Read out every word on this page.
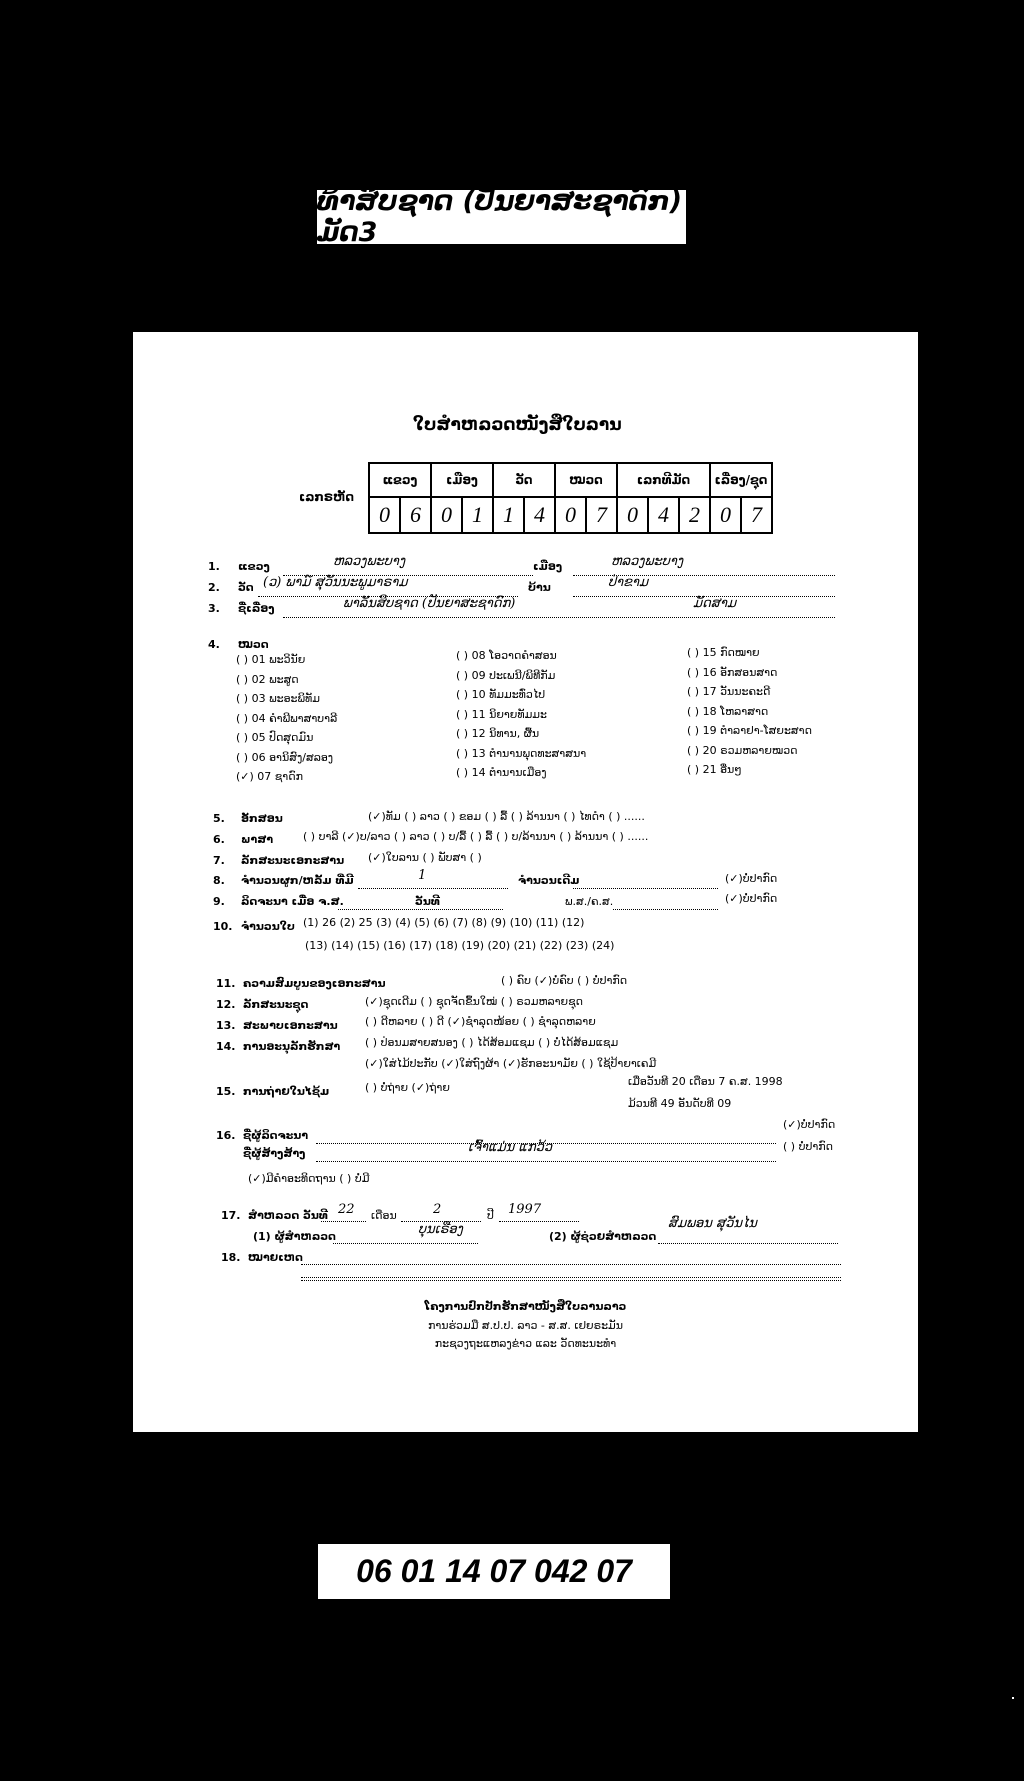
ທ້າສິບຊາດ (ປັນຍາສະຊາດົກ) ມັດ3
ໃບສໍາຫລວດໜັງສືໃບລານ
ເລກຣຫັດ
ແຂວງ		ເມືອງ		ວັດ		ໝວດ		ເລກທີມັດ			ເລື່ອງ/ຊຸດ	
0	6	0	1	1	4	0	7	0	4	2	0	7
1. ແຂວງ	ຫລວງພະບາງ	ເມືອງ	ຫລວງພະບາງ
2. ວັດ (ວ) ພາມ໌ ສຸວັນນະພູມາຣາມ	ບ້ານ	ປ່າຂາມ
3. ຊື່ເລື່ອງ	ພາລັນສິບຊາດ (ປັນຍາສະຊາດົກ)	ມັດສາມ
4. ໝວດ
( ) 01 ພະວິນັຍ
( ) 02 ພະສູດ
( ) 03 ພະອະພິທັມ
( ) 04 ຄຳພີພາສາບາລີ
( ) 05 ປົດສຸດມົນ
( ) 06 ອານິສົງ/ສລອງ
(✓) 07 ຊາດົກ
( ) 08 ໂອວາດຄຳສອນ
( ) 09 ປະເພນີ/ພິທີກັມ
( ) 10 ທັມມະທົ່ວໄປ
( ) 11 ນິຍາຍທັມມະ
( ) 12 ນິທານ, ຜື້ນ
( ) 13 ຕຳນານພຸດທະສາສນາ
( ) 14 ຕຳນານເມືອງ
( ) 15 ກົດໝາຍ
( ) 16 ອັກສອນສາດ
( ) 17 ວັນນະຄະດີ
( ) 18 ໂຫລາສາດ
( ) 19 ຕຳລາຢາ-ໂສຍະສາດ
( ) 20 ຣວມຫລາຍໝວດ
( ) 21 ອື່ນໆ
5. ອັກສອນ	(✓)ທັມ ( ) ລາວ ( ) ຂອມ ( ) ລື້ ( ) ລ້ານນາ ( ) ໄທດໍາ ( ) ......
6. ພາສາ	( ) ບາລີ (✓)ບ/ລາວ ( ) ລາວ ( ) ບ/ລື້ ( ) ລື້ ( ) ບ/ລ້ານນາ ( ) ລ້ານນາ ( ) ......
7. ລັກສະນະເອກະສານ (✓)ໃບລານ ( ) ພັບສາ ( )
8. ຈຳນວນຜູກ/ຫລັ້ມ ທີ່ມີ	1	ຈຳນວນເດີມ	(✓)ບໍ່ປາກົດ
9. ລິດຈະນາ ເມື່ອ ຈ.ສ.	ພ.ສ./ຄ.ສ.
ວັນທີ	(✓)ບໍ່ປາກົດ
10. ຈຳນວນໃບ (1) 26 (2) 25 (3) (4) (5) (6) (7) (8) (9) (10) (11) (12)
(13) (14) (15) (16) (17) (18) (19) (20) (21) (22) (23) (24)
11. ຄວາມສົມບູນຂອງເອກະສານ	( ) ຄົບ (✓)ບໍ່ຄົບ ( ) ບໍ່ປາກົດ
12. ລັກສະນະຊຸດ	(✓)ຊຸດເດີມ ( ) ຊຸດຈັດຂຶ້ນໃໝ່ ( ) ຣວມຫລາຍຊຸດ
13. ສະພາບເອກະສານ ( ) ດີຫລາຍ ( ) ດີ (✓)ຊຳລຸດໜ້ອຍ ( ) ຊຳລຸດຫລາຍ
14. ການອະນຸລັກຮັກສາ ( ) ປ່ອນມສາຍສນອງ ( ) ໄດ້ສ້ອມແຊມ ( ) ບໍ່ໄດ້ສ້ອມແຊມ
(✓)ໃສ່ໄມ້ປະກັບ (✓)ໃສ່ຖົງຜ້າ (✓)ຮັກອະນາມັຍ ( ) ໃຊ້ປ້າຍາເຄມີ
15. ການຖ່າຍໃນໄຊ້ມ	( ) ບໍ່ຖ່າຍ (✓)ຖ່າຍ	ເມື່ອວັນທີ 20 ເດືອນ 7 ຄ.ສ. 1998
ມ້ວນທີ 49 ອັນດັບທີ 09
16. ຊື່ຜູ້ລິດຈະນາ
(✓)ບໍ່ປາກົດ
ຊື່ຜູ້ສ້າງສ້າງ	ເຈົ້າແມ່ນ ແກວ້ວ	( ) ບໍ່ປາກົດ
(✓)ມີຄໍາອະທິດຖານ ( ) ບໍ່ມີ
17. ສໍາຫລວດ ວັນທີ 22 ເດືອນ	2	ປີ 1997
(1) ຜູ້ສໍາຫລວດ	ບຸນເຣືອງ	(2) ຜູ້ຊ່ວຍສໍາຫລວດ
ສົມພອນ ສຸວັນໄນ
18. ໝາຍເຫດ
ໂຄງການປົກປັກຮັກສາໜັງສືໃບລານລາວ
ການຮ່ວມມື ສ.ປ.ປ. ລາວ - ສ.ສ. ເຢຍຣະມັນ
ກະຊວງຖະແຫລງຂ່າວ ແລະ ວັດທະນະທໍາ
06 01 14 07 042 07
